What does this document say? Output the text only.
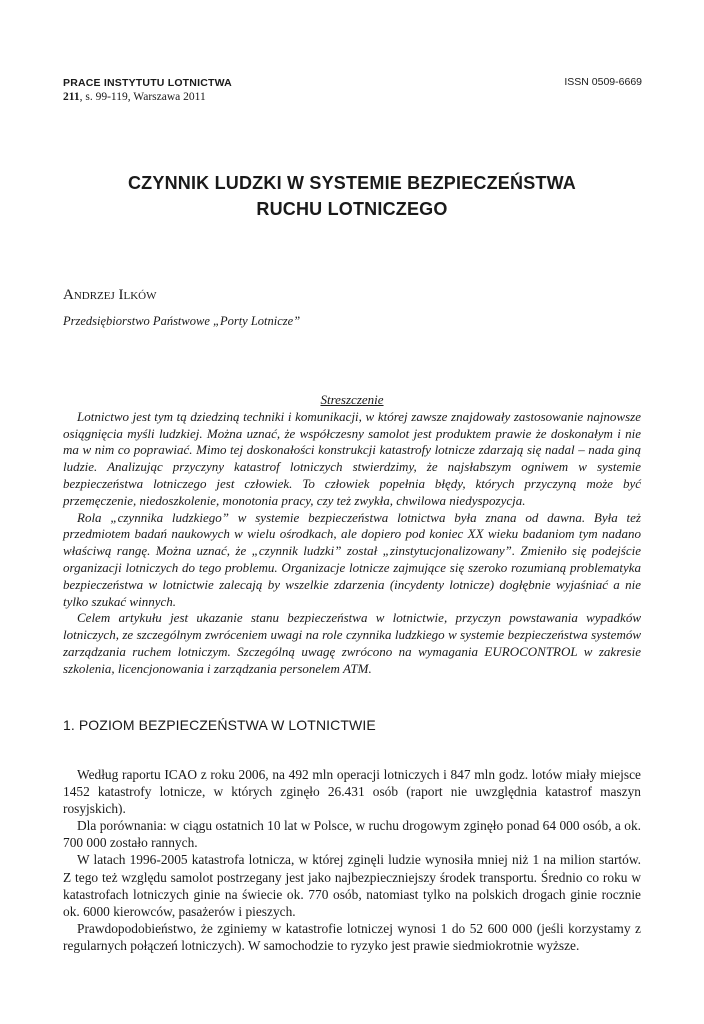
PRACE INSTYTUTU LOTNICTWA
211, s. 99-119, Warszawa 2011
ISSN 0509-6669
CZYNNIK LUDZKI W SYSTEMIE BEZPIECZEŃSTWA
RUCHU LOTNICZEGO
Andrzej Ilków
Przedsiębiorstwo Państwowe „Porty Lotnicze”
Streszczenie

Lotnictwo jest tym tą dziedziną techniki i komunikacji, w której zawsze znajdowały zastosowanie najnowsze osiągnięcia myśli ludzkiej. Można uznać, że współczesny samolot jest produktem prawie że doskonałym i nie ma w nim co poprawiać. Mimo tej doskonałości konstrukcji katastrofy lotnicze zdarzają się nadal – nada giną ludzie. Analizując przyczyny katastrof lotniczych stwierdzimy, że najsłabszym ogniwem w systemie bezpieczeństwa lotniczego jest człowiek. To człowiek popełnia błędy, których przyczyną może być przemęczenie, niedoszkolenie, monotonia pracy, czy też zwykła, chwilowa niedyspozycja.

Rola „czynnika ludzkiego” w systemie bezpieczeństwa lotnictwa była znana od dawna. Była też przedmiotem badań naukowych w wielu ośrodkach, ale dopiero pod koniec XX wieku badaniom tym nadano właściwą rangę. Można uznać, że „czynnik ludzki” został „zinstytucjonalizowany”. Zmieniło się podejście organizacji lotniczych do tego problemu. Organizacje lotnicze zajmujące się szeroko rozumianą problematyka bezpieczeństwa w lotnictwie zalecają by wszelkie zdarzenia (incydenty lotnicze) dogłębnie wyjaśniać a nie tylko szukać winnych.

Celem artykułu jest ukazanie stanu bezpieczeństwa w lotnictwie, przyczyn powstawania wypadków lotniczych, ze szczególnym zwróceniem uwagi na role czynnika ludzkiego w systemie bezpieczeństwa systemów zarządzania ruchem lotniczym. Szczególną uwagę zwrócono na wymagania EUROCONTROL w zakresie szkolenia, licencjonowania i zarządzania personelem ATM.

1. POZIOM BEZPIECZEŃSTWA W LOTNICTWIE

Według raportu ICAO z roku 2006, na 492 mln operacji lotniczych i 847 mln godz. lotów miały miejsce 1452 katastrofy lotnicze, w których zginęło 26.431 osób (raport nie uwzględnia katastrof maszyn rosyjskich).

Dla porównania: w ciągu ostatnich 10 lat w Polsce, w ruchu drogowym zginęło ponad 64 000 osób, a ok. 700 000 zostało rannych.

W latach 1996-2005 katastrofa lotnicza, w której zginęli ludzie wynosiła mniej niż 1 na milion startów. Z tego też względu samolot postrzegany jest jako najbezpieczniejszy środek transportu. Średnio co roku w katastrofach lotniczych ginie na świecie ok. 770 osób, natomiast tylko na polskich drogach ginie rocznie ok. 6000 kierowców, pasażerów i pieszych.

Prawdopodobieństwo, że zginiemy w katastrofie lotniczej wynosi 1 do 52 600 000 (jeśli korzystamy z regularnych połączeń lotniczych). W samochodzie to ryzyko jest prawie siedmiokrotnie wyższe.
